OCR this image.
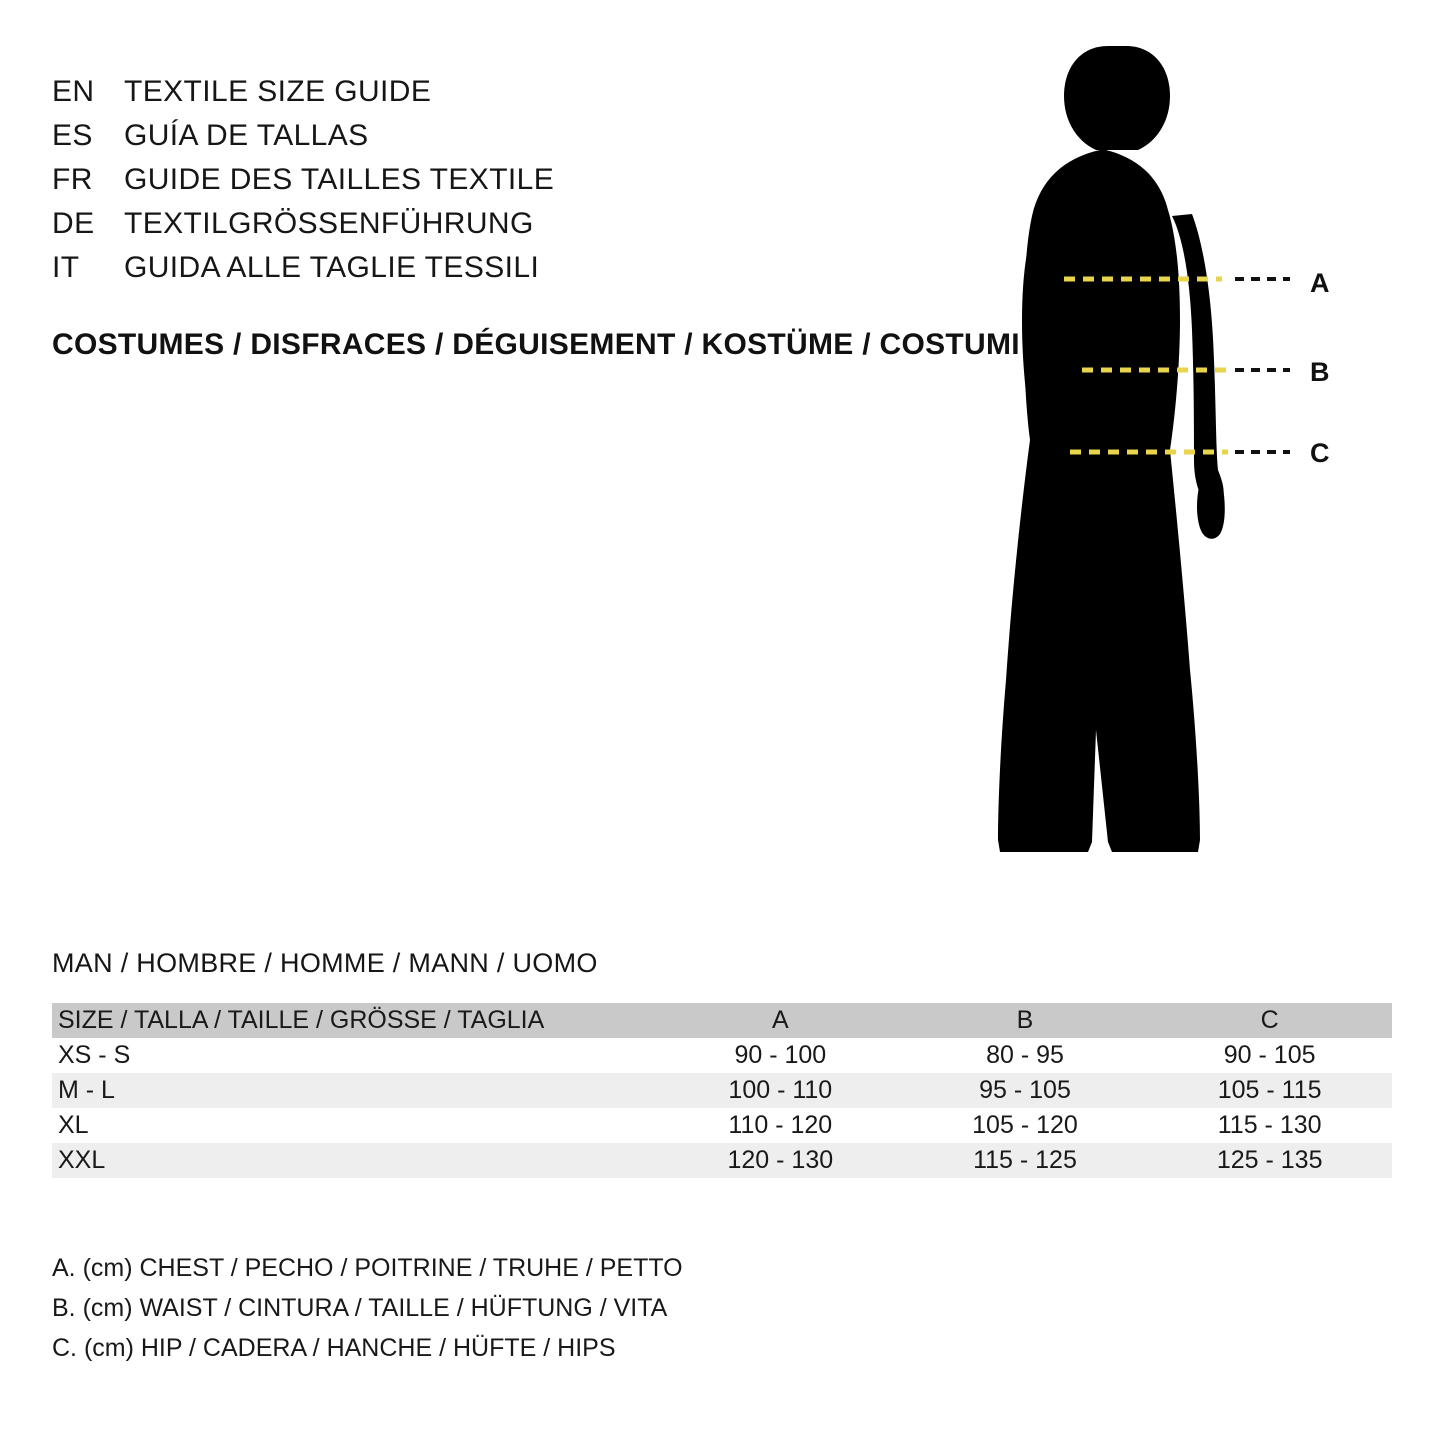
EN TEXTILE SIZE GUIDE
ES	GUÍA DE TALLAS
FR	GUIDE DES TAILLES TEXTILE
DE TEXTILGRÖSSENFÜHRUNG
IT	GUIDA ALLE TAGLIE TESSILI
COSTUMES / DISFRACES / DÉGUISEMENT / KOSTÜME / COSTUMI
A
B
C
MAN / HOMBRE / HOMME / MANN / UOMO
SIZE / TALLA / TAILLE / GRÖSSE / TAGLIA	A	B	C
XS - S	90 - 100	80 - 95	90 - 105
M - L	100 - 110	95 - 105	105 - 115
XL	110 - 120	105 - 120	115 - 130
XXL	120 - 130	115 - 125	125 - 135
A. (cm) CHEST / PECHO / POITRINE / TRUHE / PETTO
B. (cm) WAIST / CINTURA / TAILLE / HÜFTUNG / VITA
C. (cm) HIP / CADERA / HANCHE / HÜFTE / HIPS
